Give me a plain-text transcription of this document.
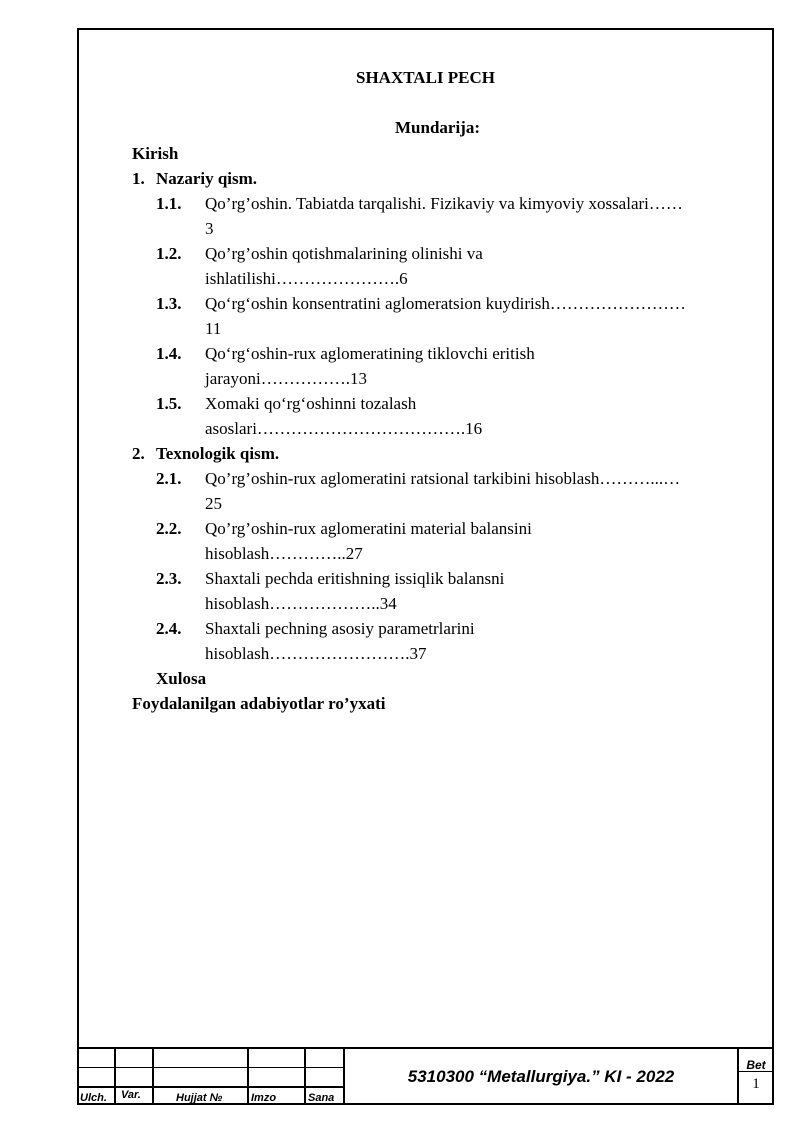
SHAXTALI PECH
Mundarija:
Kirish
1. Nazariy qism.
1.1. Qo’rg’oshin. Tabiatda tarqalishi. Fizikaviy va kimyoviy xossalari……
3
1.2. Qo’rg’oshin qotishmalarining olinishi va
ishlatilishi………………….6
1.3. Qo‘rg‘oshin konsentratini aglomeratsion kuydirish……………………
11
1.4. Qo‘rg‘oshin-rux aglomeratining tiklovchi eritish
jarayoni…………….13
1.5. Xomaki qo‘rg‘oshinni tozalash
asoslari……………………………….16
2. Texnologik qism.
2.1. Qo’rg’oshin-rux aglomeratini ratsional tarkibini hisoblash………...…
25
2.2. Qo’rg’oshin-rux aglomeratini material balansini
hisoblash…………..27
2.3. Shaxtali pechda eritishning issiqlik balansni
hisoblash………………..34
2.4. Shaxtali pechning asosiy parametrlarini
hisoblash…………………….37
Xulosa
Foydalanilgan adabiyotlar ro’yxati
Ulch. Var.	Hujjat №	Imzo	Sana
5310300 “Metallurgiya.” KI - 2022
Bet
1
